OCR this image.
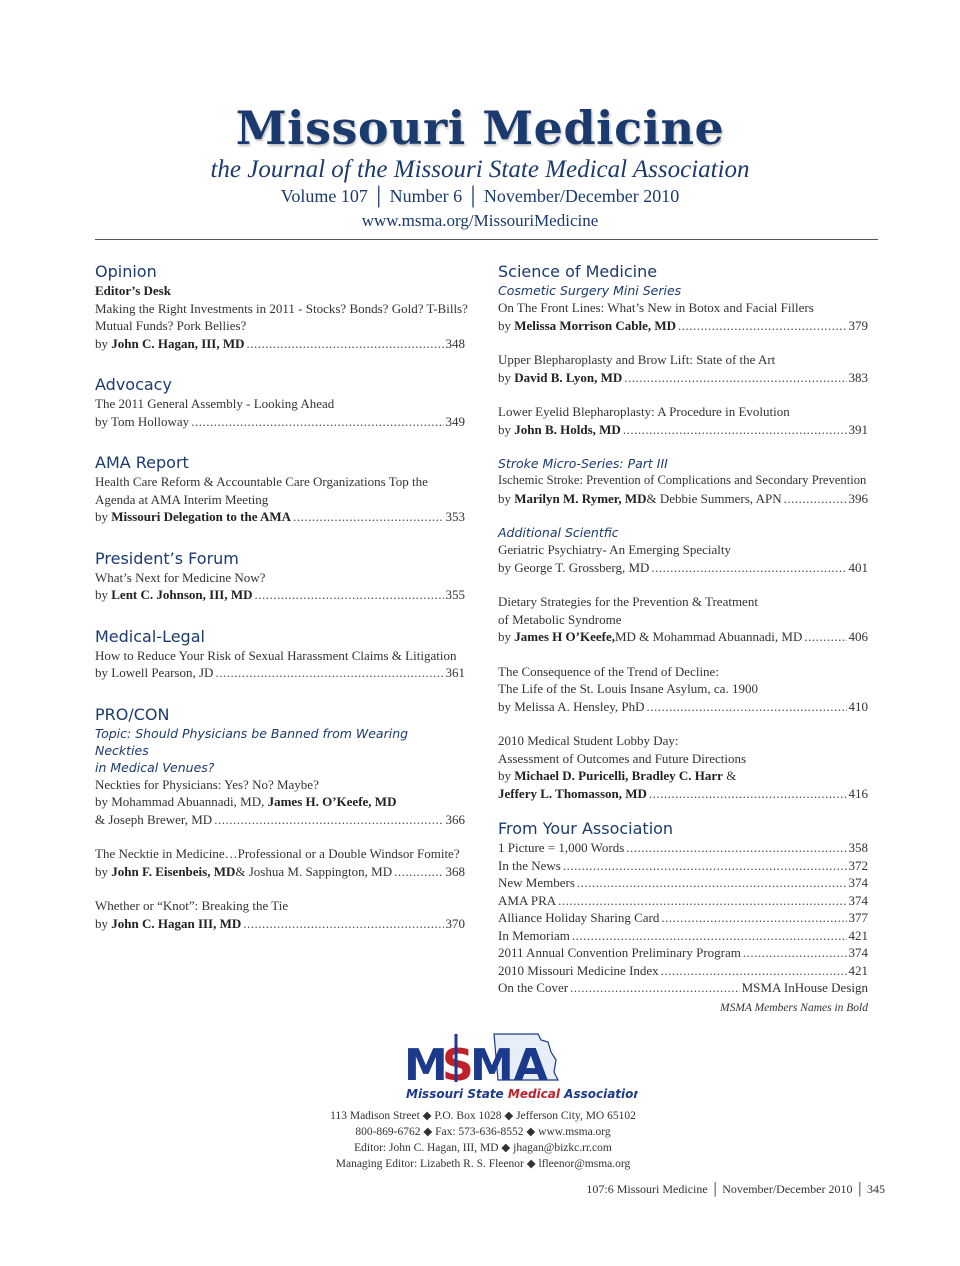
Missouri Medicine
the Journal of the Missouri State Medical Association
Volume 107 │ Number 6 │ November/December 2010
www.msma.org/MissouriMedicine
Opinion
Editor’s Desk
Making the Right Investments in 2011 - Stocks? Bonds? Gold? T-Bills?
Mutual Funds? Pork Bellies?
by
John C. Hagan, III, MD .....	348
Advocacy
The 2011 General Assembly - Looking Ahead
by Tom Holloway .....	349
AMA Report
Health Care Reform & Accountable Care Organizations Top the
Agenda at AMA Interim Meeting
by
Missouri Delegation to the AMA .....	353
President’s Forum
What’s Next for Medicine Now?
by
Lent C. Johnson, III, MD .....	355
Medical-Legal
How to Reduce Your Risk of Sexual Harassment Claims & Litigation
by Lowell Pearson, JD .....	361
PRO/CON
Topic: Should Physicians be Banned from Wearing Neckties
in Medical Venues?
Neckties for Physicians: Yes? No? Maybe?
by Mohammad Abuannadi, MD, James H. O’Keefe, MD
& Joseph Brewer, MD .....	366
The Necktie in Medicine…Professional or a Double Windsor Fomite?
by
John F. Eisenbeis, MD & Joshua M. Sappington, MD .....	368
Whether or “Knot”: Breaking the Tie
by
John C. Hagan III, MD .....	370
Science of Medicine
Cosmetic Surgery Mini Series
On The Front Lines: What’s New in Botox and Facial Fillers
by
Melissa Morrison Cable, MD .....	379
Upper Blepharoplasty and Brow Lift: State of the Art
by
David B. Lyon, MD .....	383
Lower Eyelid Blepharoplasty: A Procedure in Evolution
by
John B. Holds, MD .....	391
Stroke Micro-Series: Part III
Ischemic Stroke: Prevention of Complications and Secondary Prevention
by
Marilyn M. Rymer, MD & Debbie Summers, APN .....	396
Additional Scientfic
Geriatric Psychiatry- An Emerging Specialty
by George T. Grossberg, MD .....	401
Dietary Strategies for the Prevention & Treatment
of Metabolic Syndrome
by
James H O’Keefe, MD & Mohammad Abuannadi, MD .....	406
The Consequence of the Trend of Decline:
The Life of the St. Louis Insane Asylum, ca. 1900
by Melissa A. Hensley, PhD .....	410
2010 Medical Student Lobby Day:
Assessment of Outcomes and Future Directions
by Michael D. Puricelli, Bradley C. Harr &
Jeffery L. Thomasson, MD .....	416
From Your Association
1 Picture = 1,000 Words .....	358
In the News .....	372
New Members .....	374
AMA PRA .....	374
Alliance Holiday Sharing Card .....	377
In Memoriam .....	421
2011 Annual Convention Preliminary Program .....	374
2010 Missouri Medicine Index .....	421
On the Cover .....	MSMA InHouse Design
MSMA Members Names in Bold
M
S
MA
Missouri State Medical Association
113 Madison Street ◆ P.O. Box 1028 ◆ Jefferson City, MO 65102
800-869-6762 ◆ Fax: 573-636-8552 ◆ www.msma.org
Editor: John C. Hagan, III, MD ◆ jhagan@bizkc.rr.com
Managing Editor: Lizabeth R. S. Fleenor ◆ lfleenor@msma.org
107:6 Missouri Medicine │ November/December 2010 │ 345
